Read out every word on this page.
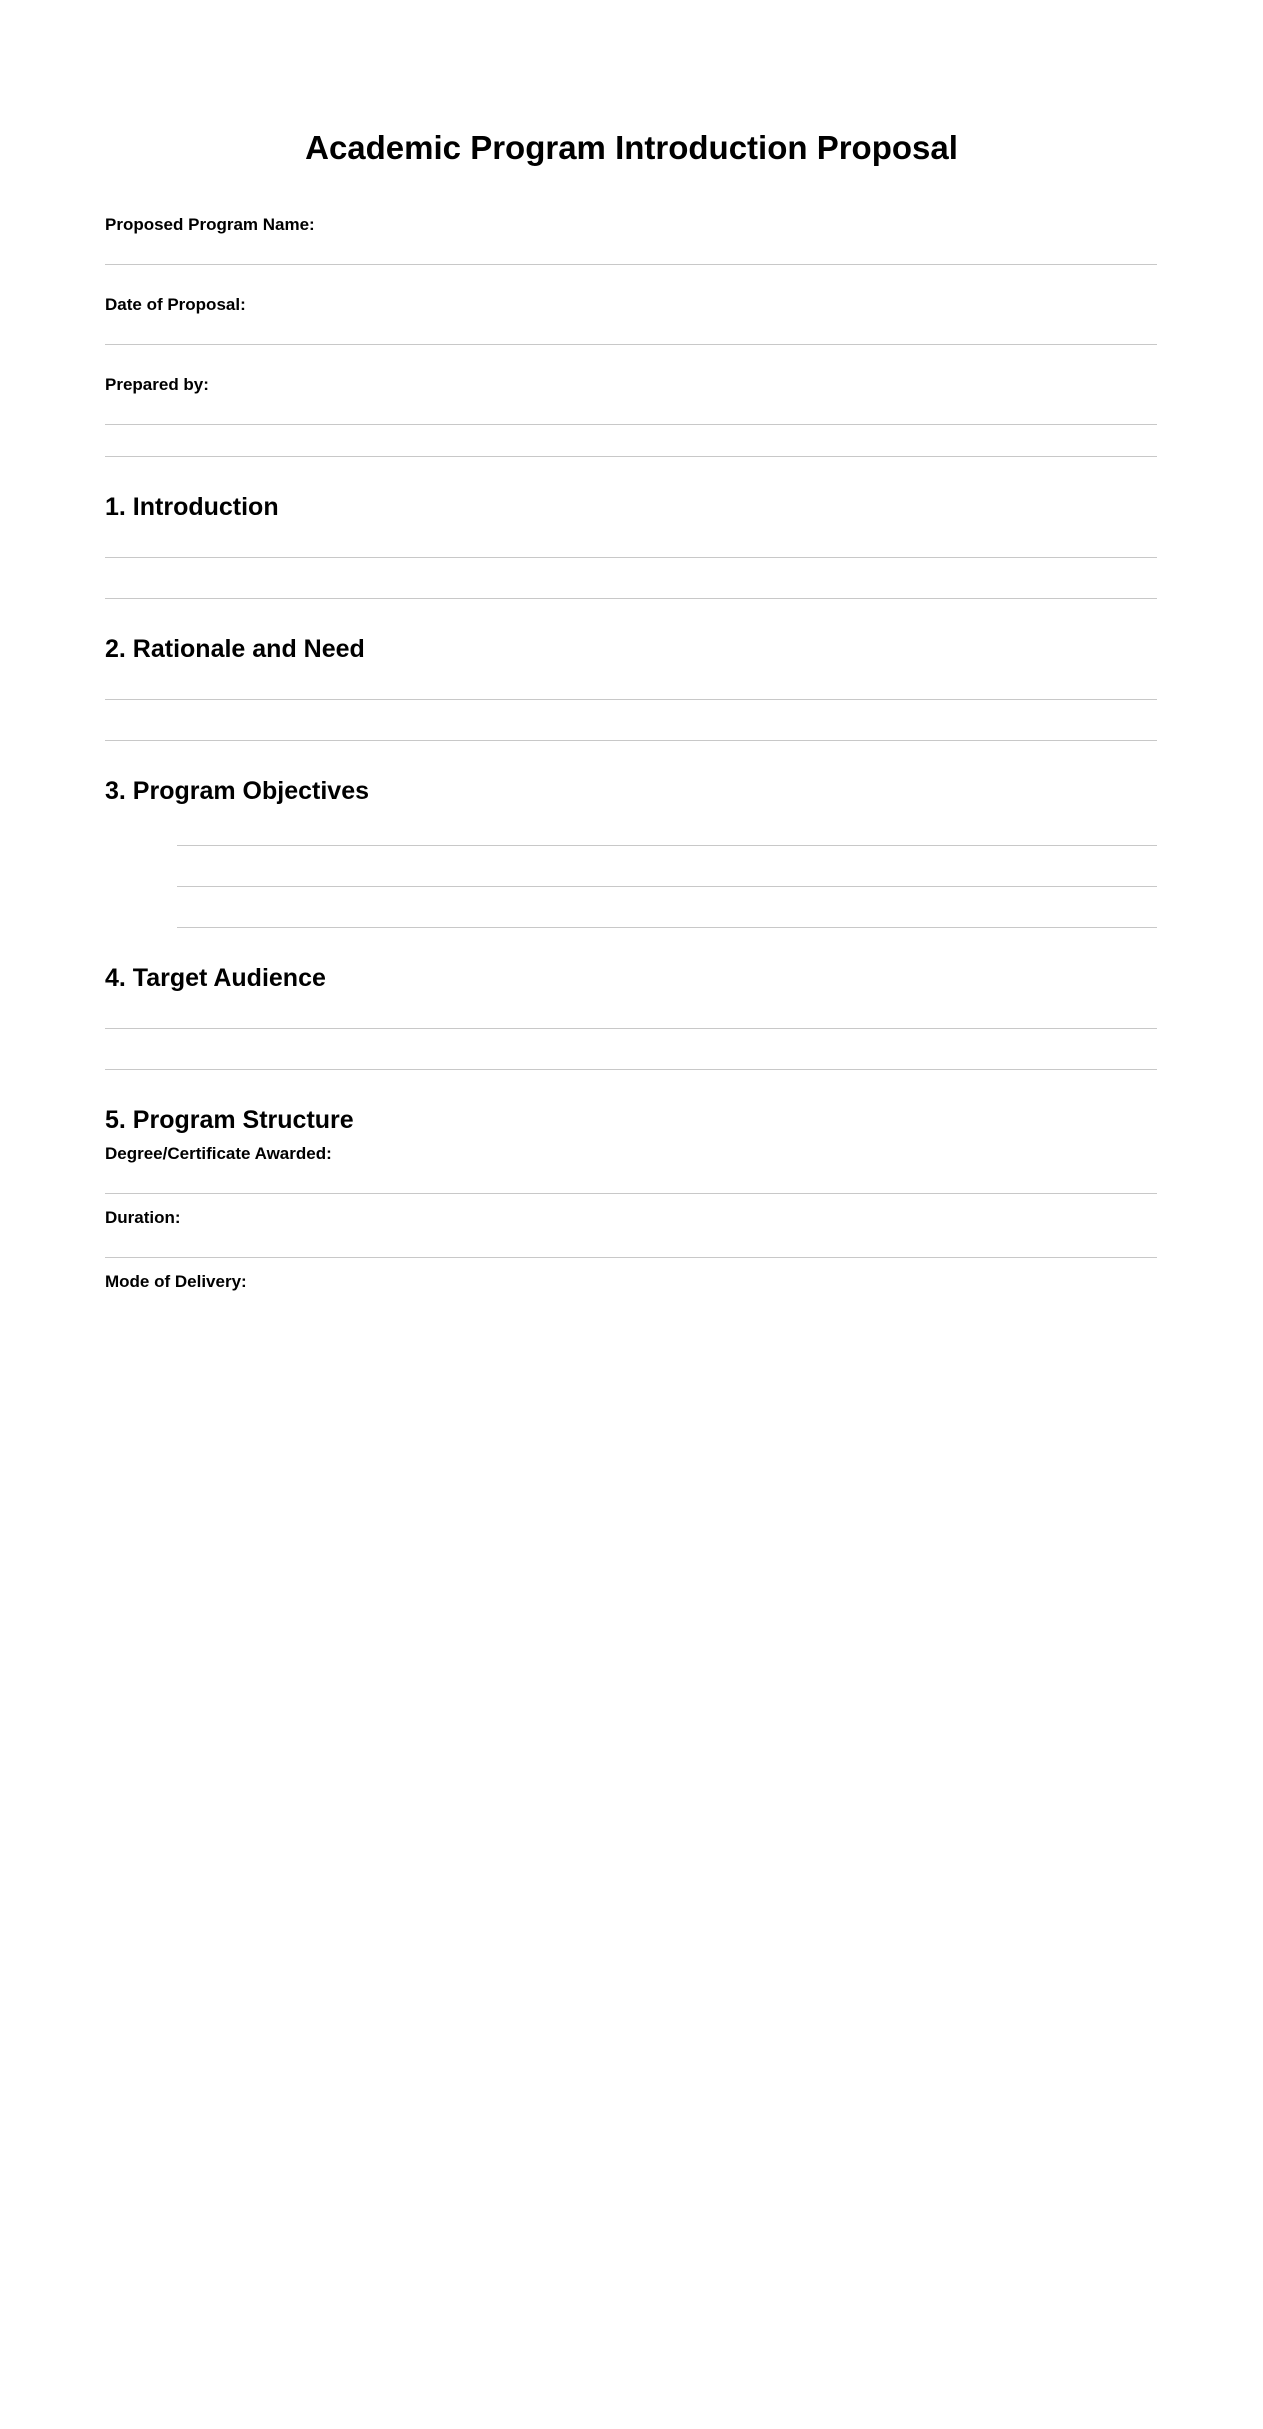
Academic Program Introduction Proposal
Proposed Program Name:
Date of Proposal:
Prepared by:
1. Introduction
2. Rationale and Need
3. Program Objectives
4. Target Audience
5. Program Structure
Degree/Certificate Awarded:
Duration:
Mode of Delivery:
